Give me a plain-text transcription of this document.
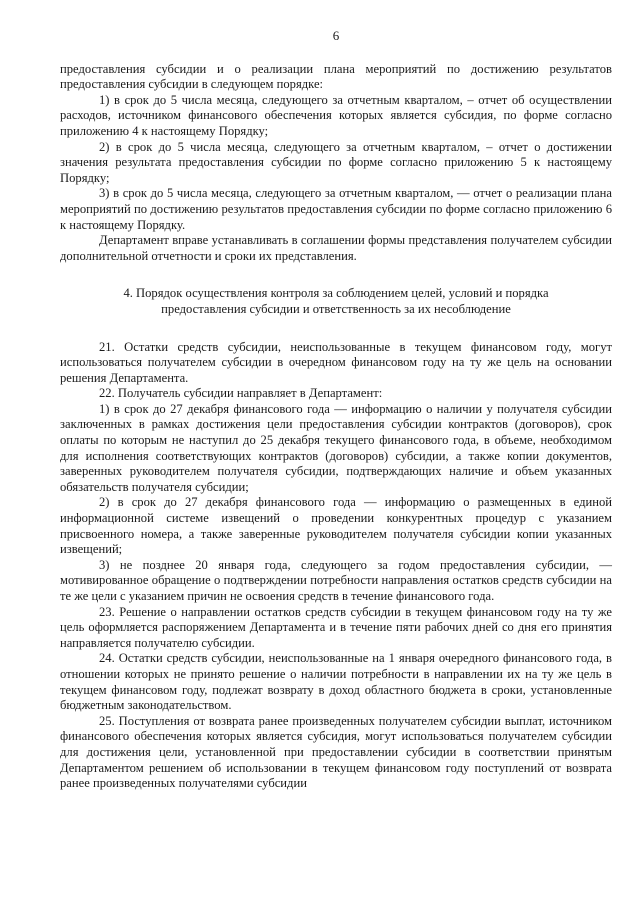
6

предоставления субсидии и о реализации плана мероприятий по достижению результатов предоставления субсидии в следующем порядке:

1) в срок до 5 числа месяца, следующего за отчетным кварталом, – отчет об осуществлении расходов, источником финансового обеспечения которых является субсидия, по форме согласно приложению 4 к настоящему Порядку;

2) в срок до 5 числа месяца, следующего за отчетным кварталом, – отчет о достижении значения результата предоставления субсидии по форме согласно приложению 5 к настоящему Порядку;

3) в срок до 5 числа месяца, следующего за отчетным кварталом, — отчет о реализации плана мероприятий по достижению результатов предоставления субсидии по форме согласно приложению 6 к настоящему Порядку.

Департамент вправе устанавливать в соглашении формы представления получателем субсидии дополнительной отчетности и сроки их представления.

4. Порядок осуществления контроля за соблюдением целей, условий и порядка
предоставления субсидии и ответственность за их несоблюдение

21. Остатки средств субсидии, неиспользованные в текущем финансовом году, могут использоваться получателем субсидии в очередном финансовом году на ту же цель на основании решения Департамента.

22. Получатель субсидии направляет в Департамент:

1) в срок до 27 декабря финансового года — информацию о наличии у получателя субсидии заключенных в рамках достижения цели предоставления субсидии контрактов (договоров), срок оплаты по которым не наступил до 25 декабря текущего финансового года, в объеме, необходимом для исполнения соответствующих контрактов (договоров) субсидии, а также копии документов, заверенных руководителем получателя субсидии, подтверждающих наличие и объем указанных обязательств получателя субсидии;

2) в срок до 27 декабря финансового года — информацию о размещенных в единой информационной системе извещений о проведении конкурентных процедур с указанием присвоенного номера, а также заверенные руководителем получателя субсидии копии указанных извещений;

3) не позднее 20 января года, следующего за годом предоставления субсидии, — мотивированное обращение о подтверждении потребности направления остатков средств субсидии на те же цели с указанием причин не освоения средств в течение финансового года.

23. Решение о направлении остатков средств субсидии в текущем финансовом году на ту же цель оформляется распоряжением Департамента и в течение пяти рабочих дней со дня его принятия направляется получателю субсидии.

24. Остатки средств субсидии, неиспользованные на 1 января очередного финансового года, в отношении которых не принято решение о наличии потребности в направлении их на ту же цель в текущем финансовом году, подлежат возврату в доход областного бюджета в сроки, установленные бюджетным законодательством.

25. Поступления от возврата ранее произведенных получателем субсидии выплат, источником финансового обеспечения которых является субсидия, могут использоваться получателем субсидии для достижения цели, установленной при предоставлении субсидии в соответствии принятым Департаментом решением об использовании в текущем финансовом году поступлений от возврата ранее произведенных получателями субсидии
